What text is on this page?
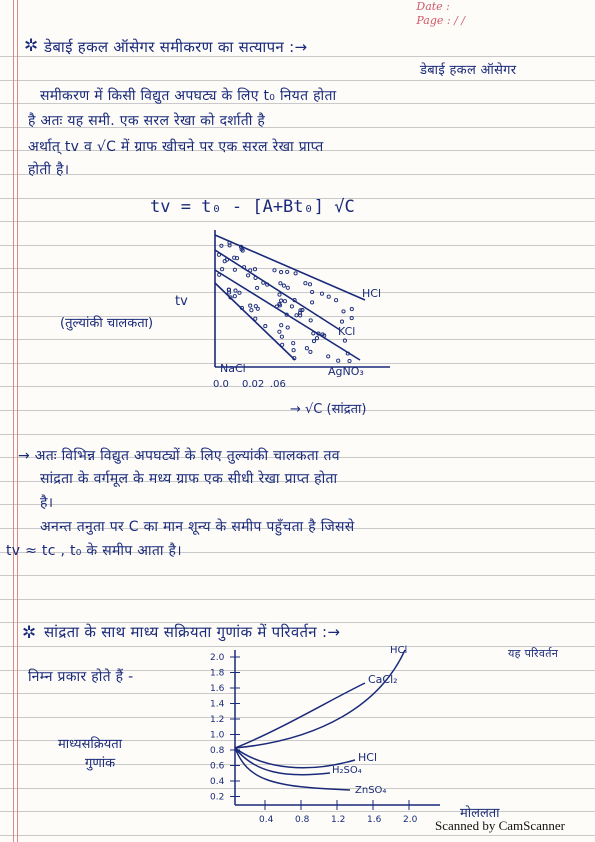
Date :
Page : / /
✲ डेबाई हकल ऑसेगर समीकरण का सत्यापन :→
डेबाई हकल ऑसेगर
समीकरण में किसी विद्युत अपघट्य के लिए t₀ नियत होता
है अतः यह समी. एक सरल रेखा को दर्शाती है
अर्थात् tv व √C में ग्राफ खीचने पर एक सरल रेखा प्राप्त
होती है।
tv = t₀ - [A+Bt₀] √C
tv
(तुल्यांकी चालकता)
HCl
KCl
NaCl	AgNO₃
0.0 0.02 .06
→ √C (सांद्रता)
→ अतः विभिन्न विद्युत अपघट्यों के लिए तुल्यांकी चालकता तव
सांद्रता के वर्गमूल के मध्य ग्राफ एक सीधी रेखा प्राप्त होता
है।
अनन्त तनुता पर C का मान शून्य के समीप पहुँचता है जिससे
tv ≈ tc , t₀ के समीप आता है।
✲ सांद्रता के साथ माध्य सक्रियता गुणांक में परिवर्तन :→
यह परिवर्तन
निम्न प्रकार होते हैं -
2.0
1.8
1.6
1.4
1.2
1.0
0.8
0.6
0.4
0.2
0.4 0.8 1.2 1.6 2.0
माध्यसक्रियता
गुणांक
HCl
CaCl₂
HCl
H₂SO₄
ZnSO₄
मोललता
Scanned by CamScanner
